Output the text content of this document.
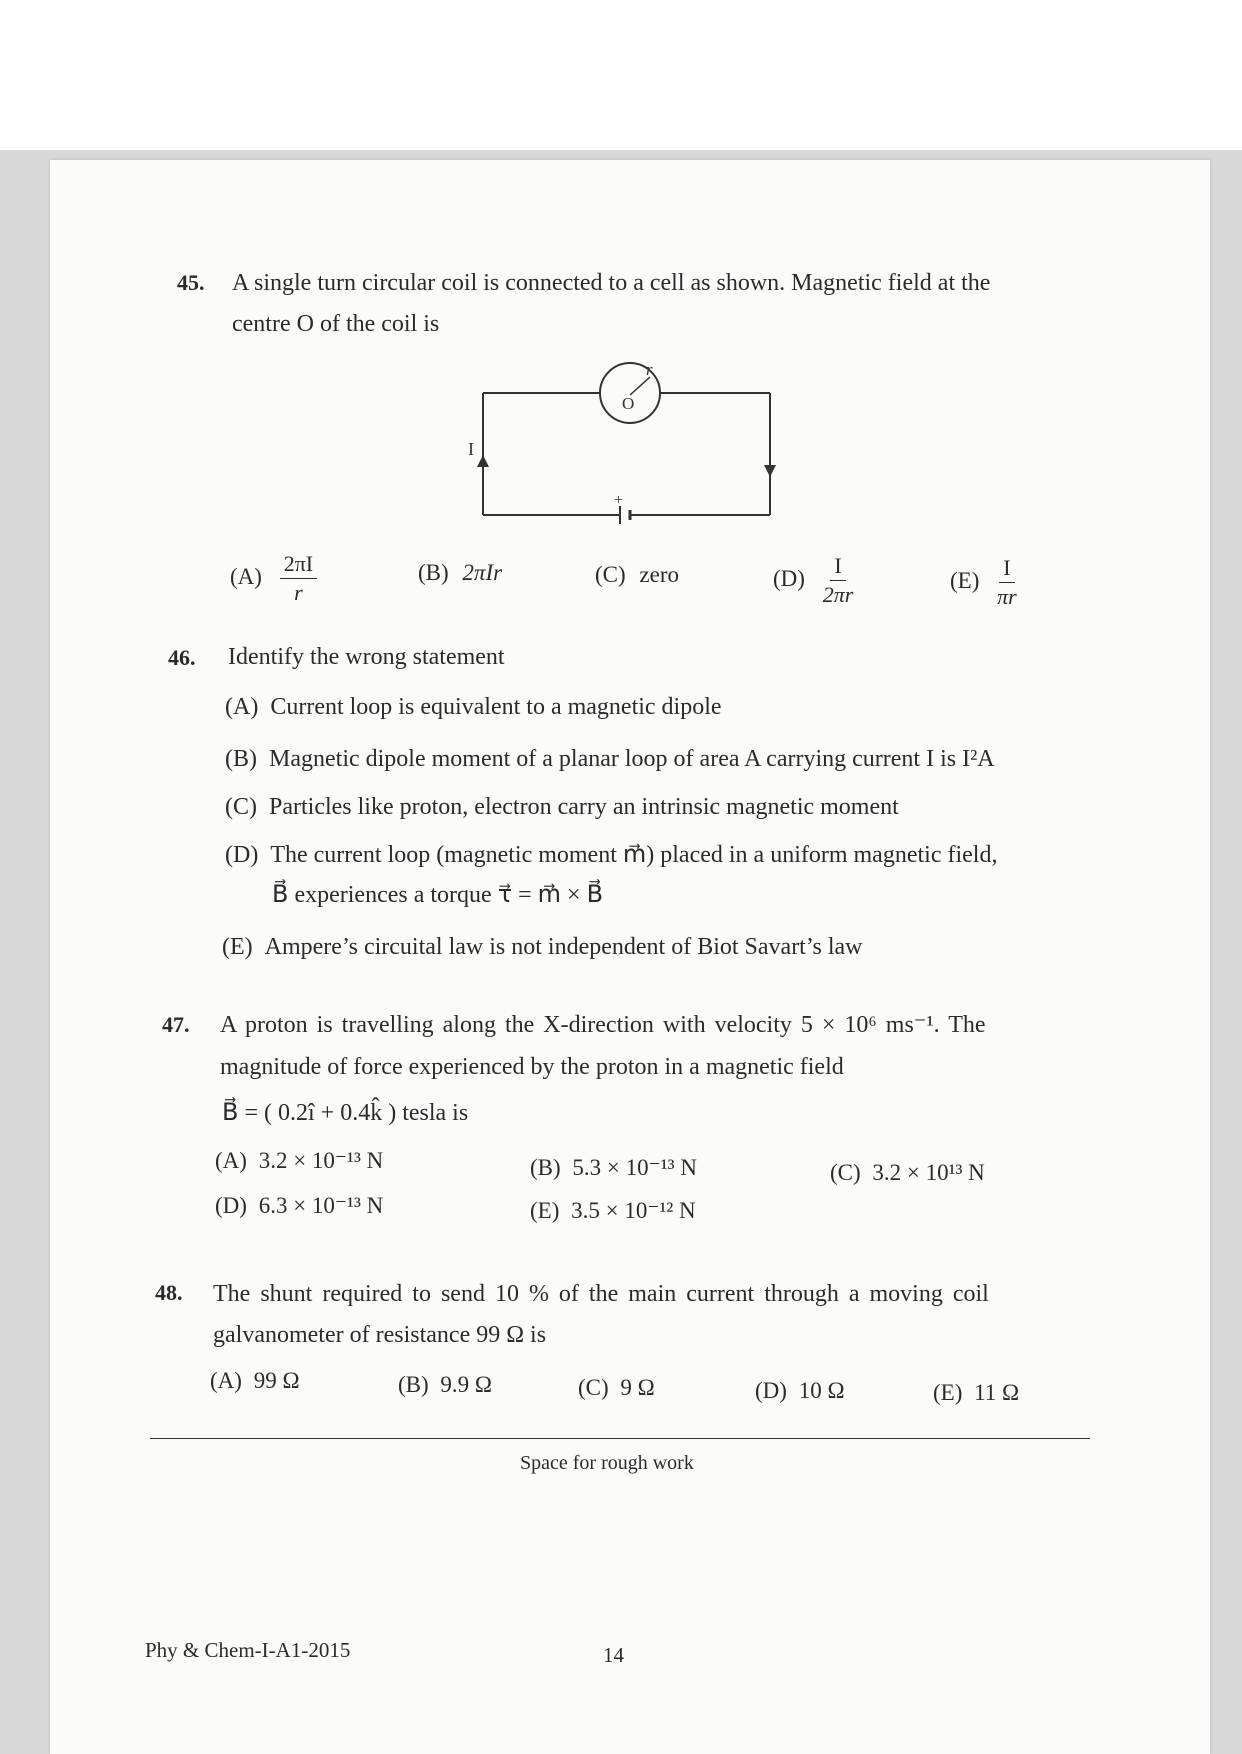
45. A single turn circular coil is connected to a cell as shown. Magnetic field at the
centre O of the coil is
r
O
+
I
$(A) \frac{2\pi I}{r}$	(B) 2πIr	(C) zero	$(D) \frac{I}{2\pi r}$	$(E) \frac{I}{\pi r}$
46. Identify the wrong statement
(A) Current loop is equivalent to a magnetic dipole
(B) Magnetic dipole moment of a planar loop of area A carrying current I is I²A
(C) Particles like proton, electron carry an intrinsic magnetic moment
(D) The current loop (magnetic moment m⃗) placed in a uniform magnetic field,
B⃗ experiences a torque τ⃗ = m⃗ × B⃗
(E) Ampere’s circuital law is not independent of Biot Savart’s law
47. A proton is travelling along the X-direction with velocity 5 × 10⁶ ms⁻¹. The
magnitude of force experienced by the proton in a magnetic field
B⃗ = ( 0.2î + 0.4k̂ ) tesla is
(A) 3.2 × 10⁻¹³ N	(B) 5.3 × 10⁻¹³ N	(C) 3.2 × 10¹³ N
(D) 6.3 × 10⁻¹³ N	(E) 3.5 × 10⁻¹² N
48. The shunt required to send 10 % of the main current through a moving coil
galvanometer of resistance 99 Ω is
(A) 99 Ω	(B) 9.9 Ω	(C) 9 Ω	(D) 10 Ω	(E) 11 Ω
Space for rough work
Phy & Chem-I-A1-2015	14
